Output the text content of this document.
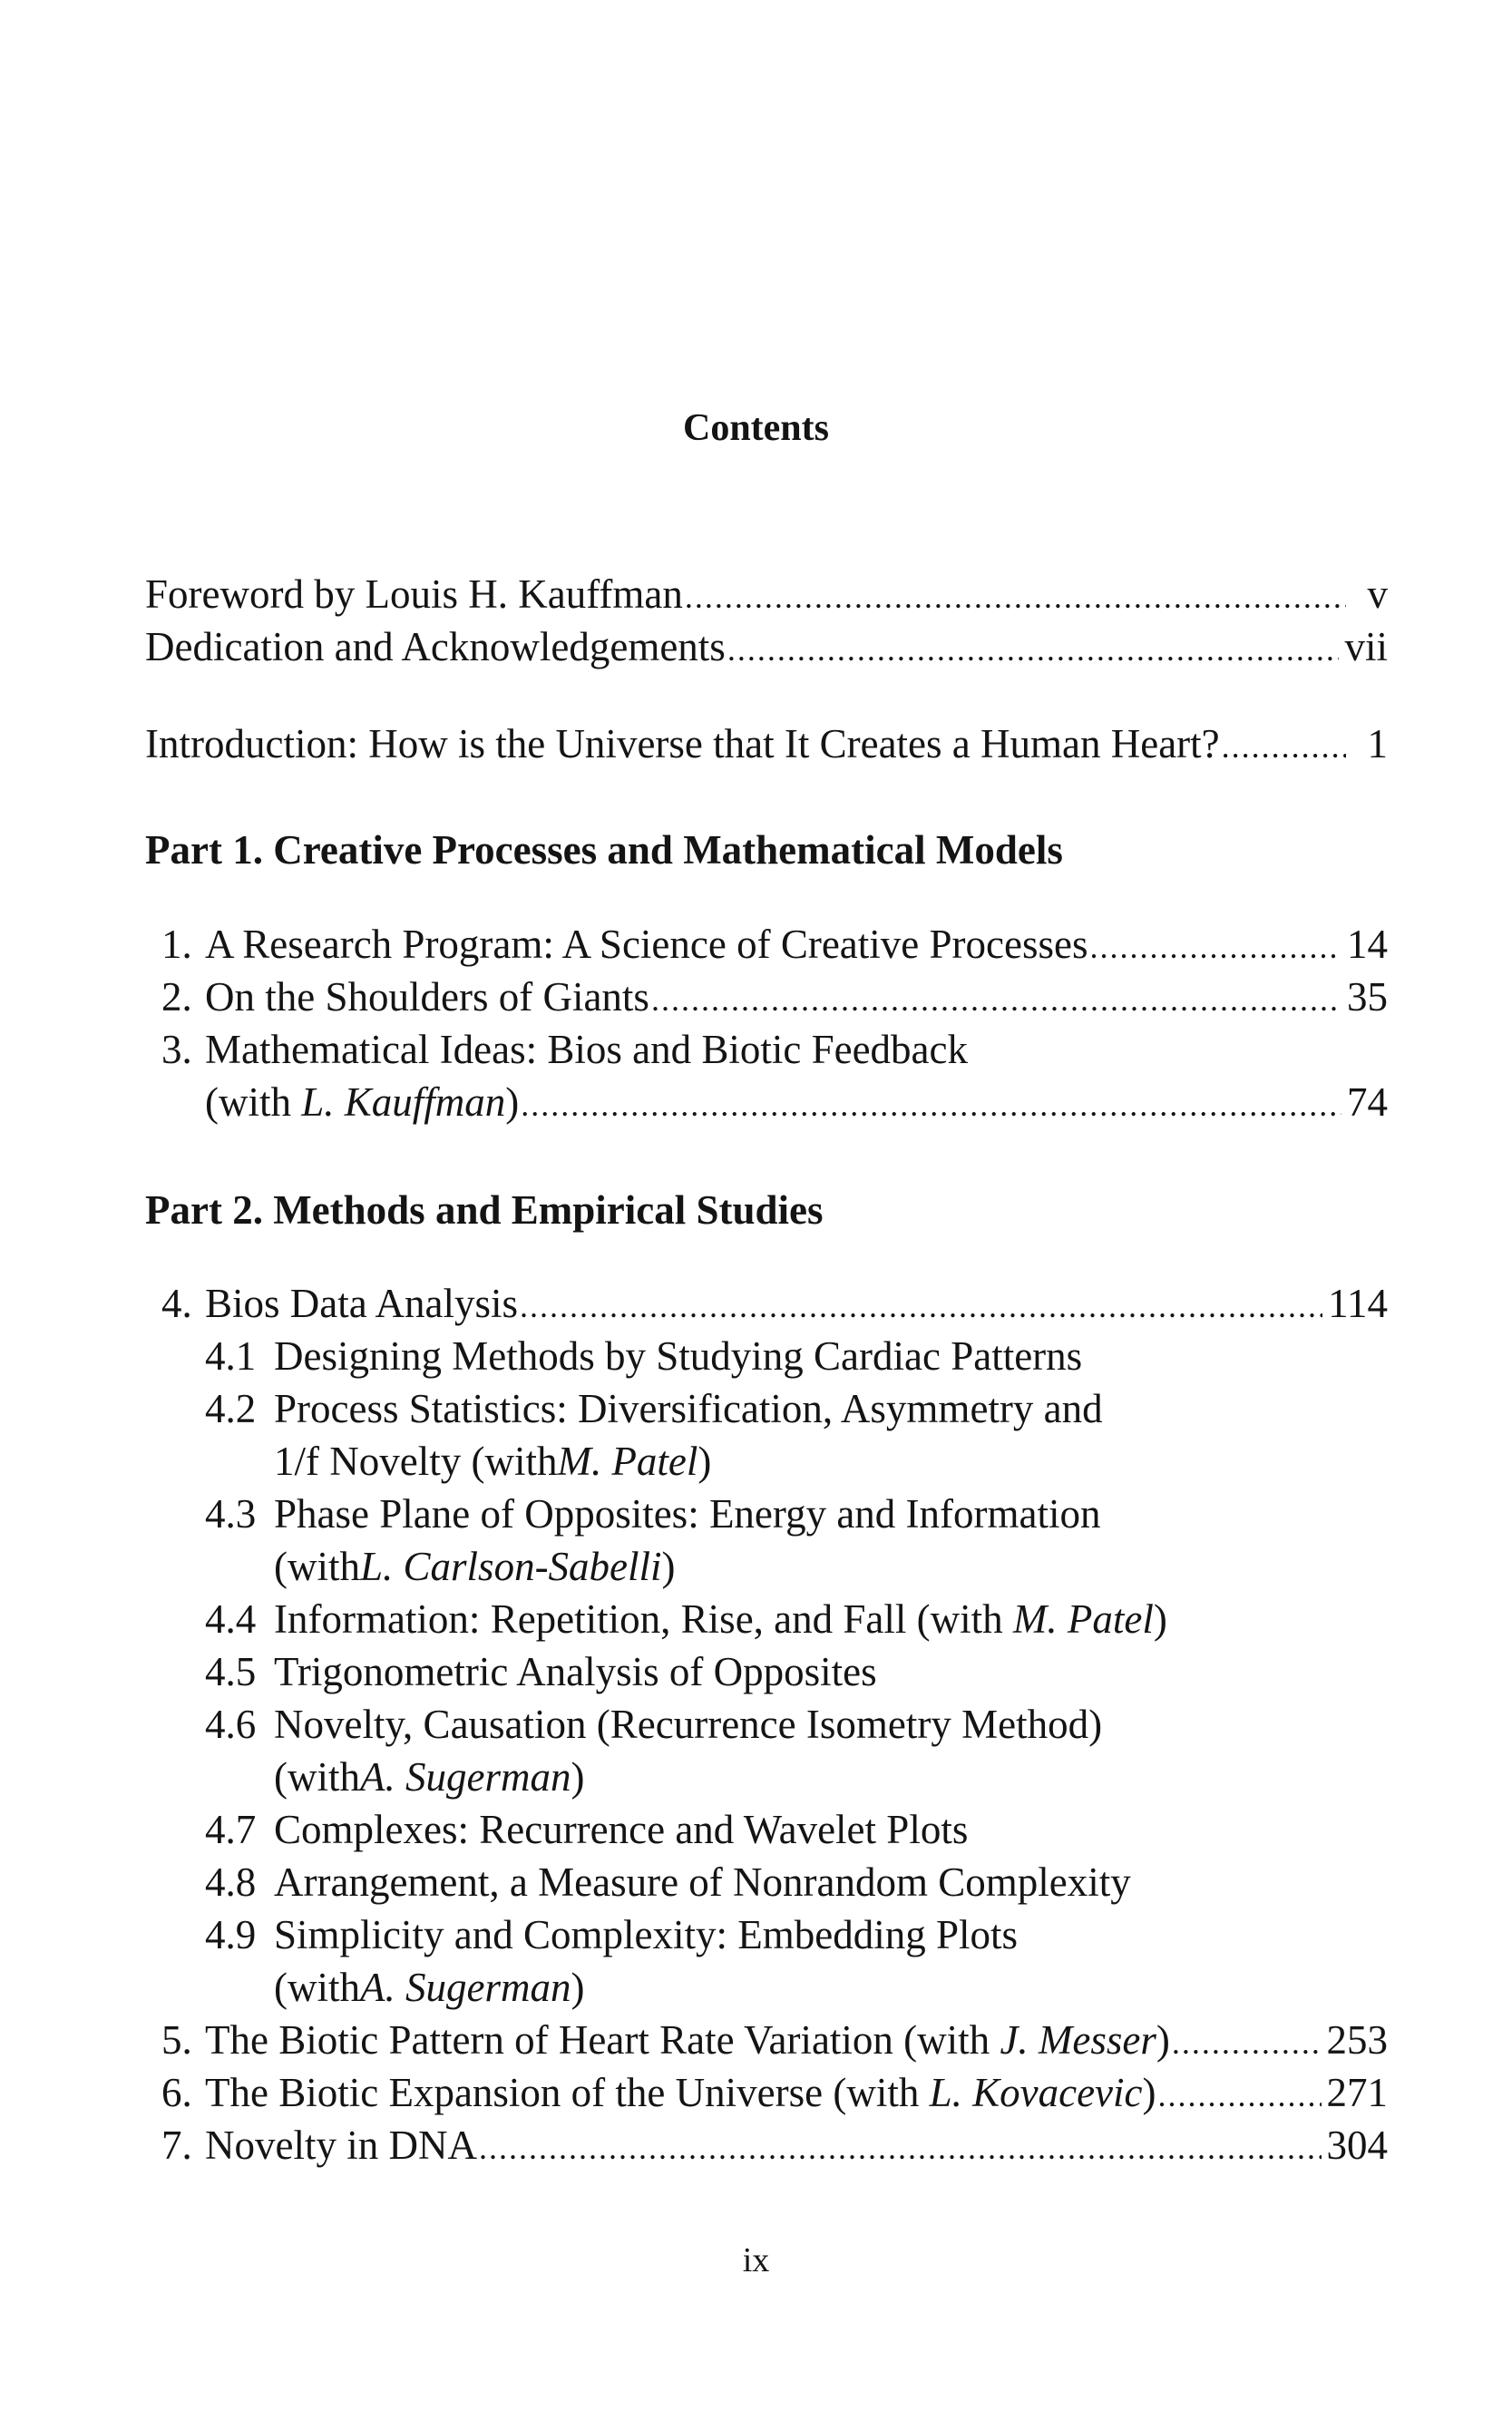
Contents
Foreword by Louis H. Kauffman .....	v
Dedication and Acknowledgements .....	vii
Introduction: How is the Universe that It Creates a Human Heart? .....	1
Part 1. Creative Processes and Mathematical Models
1. A Research Program: A Science of Creative Processes .....	14
2. On the Shoulders of Giants .....	35
3. Mathematical Ideas: Bios and Biotic Feedback
(with L. Kauffman) .....	74
Part 2. Methods and Empirical Studies
4. Bios Data Analysis .....	114
4.1 Designing Methods by Studying Cardiac Patterns
4.2 Process Statistics: Diversification, Asymmetry and
1/f Novelty (with M. Patel )
4.3 Phase Plane of Opposites: Energy and Information
(with L. Carlson-Sabelli )
4.4 Information: Repetition, Rise, and Fall (with M. Patel)
4.5 Trigonometric Analysis of Opposites
4.6 Novelty, Causation (Recurrence Isometry Method)
(with A. Sugerman )
4.7 Complexes: Recurrence and Wavelet Plots
4.8 Arrangement, a Measure of Nonrandom Complexity
4.9 Simplicity and Complexity: Embedding Plots
(with A. Sugerman )
5. The Biotic Pattern of Heart Rate Variation (with J. Messer) .....	253
6. The Biotic Expansion of the Universe (with L. Kovacevic) .....	271
7. Novelty in DNA .....	304
ix
